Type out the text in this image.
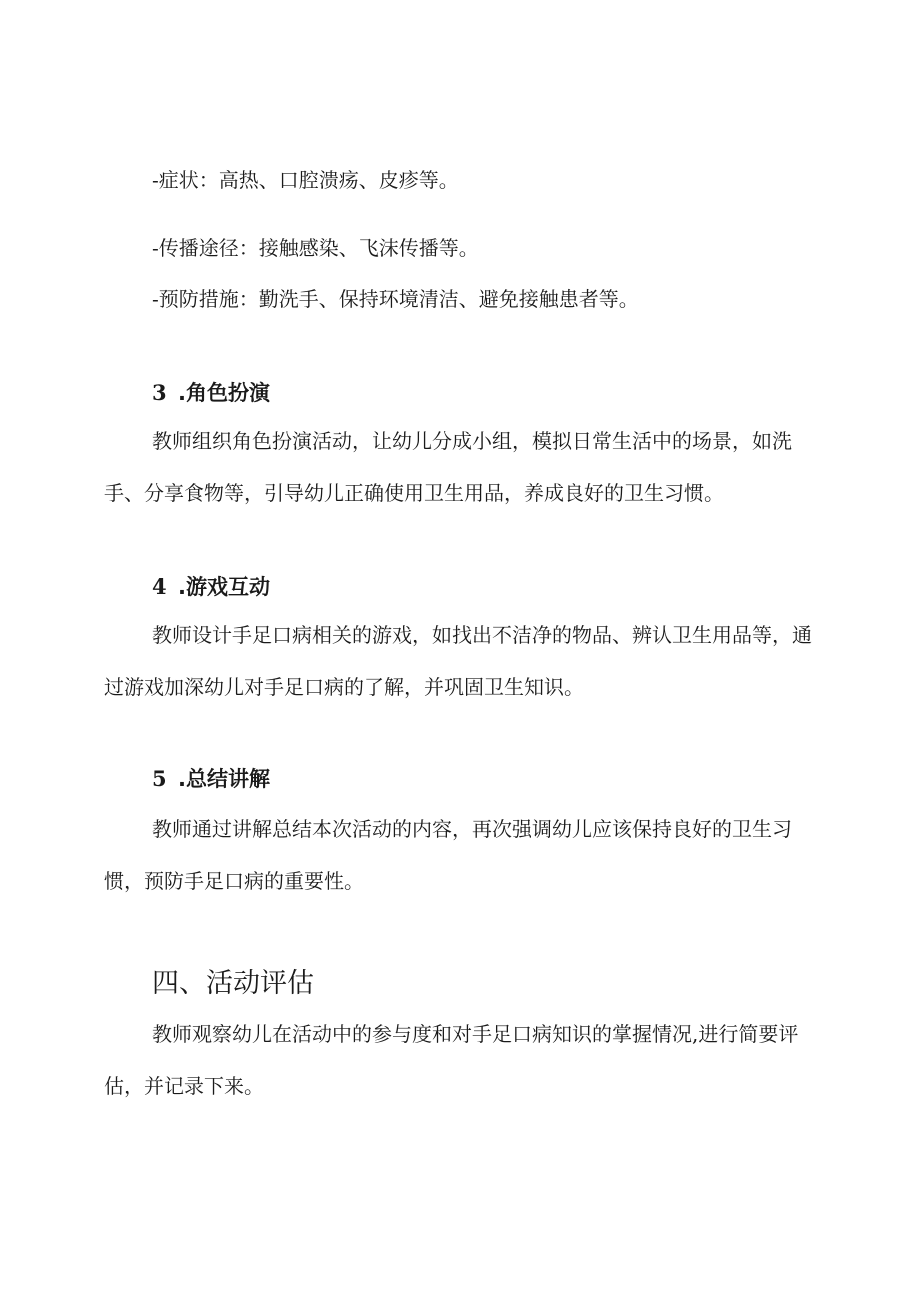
-症状：高热、口腔溃疡、皮疹等。
-传播途径：接触感染、飞沫传播等。
-预防措施：勤洗手、保持环境清洁、避免接触患者等。
3 .角色扮演
教师组织角色扮演活动，让幼儿分成小组，模拟日常生活中的场景，如洗手、分享食物等，引导幼儿正确使用卫生用品，养成良好的卫生习惯。
4 .游戏互动
教师设计手足口病相关的游戏，如找出不洁净的物品、辨认卫生用品等，通过游戏加深幼儿对手足口病的了解，并巩固卫生知识。
5 .总结讲解
教师通过讲解总结本次活动的内容，再次强调幼儿应该保持良好的卫生习惯，预防手足口病的重要性。
四、活动评估
教师观察幼儿在活动中的参与度和对手足口病知识的掌握情况,进行简要评估，并记录下来。
